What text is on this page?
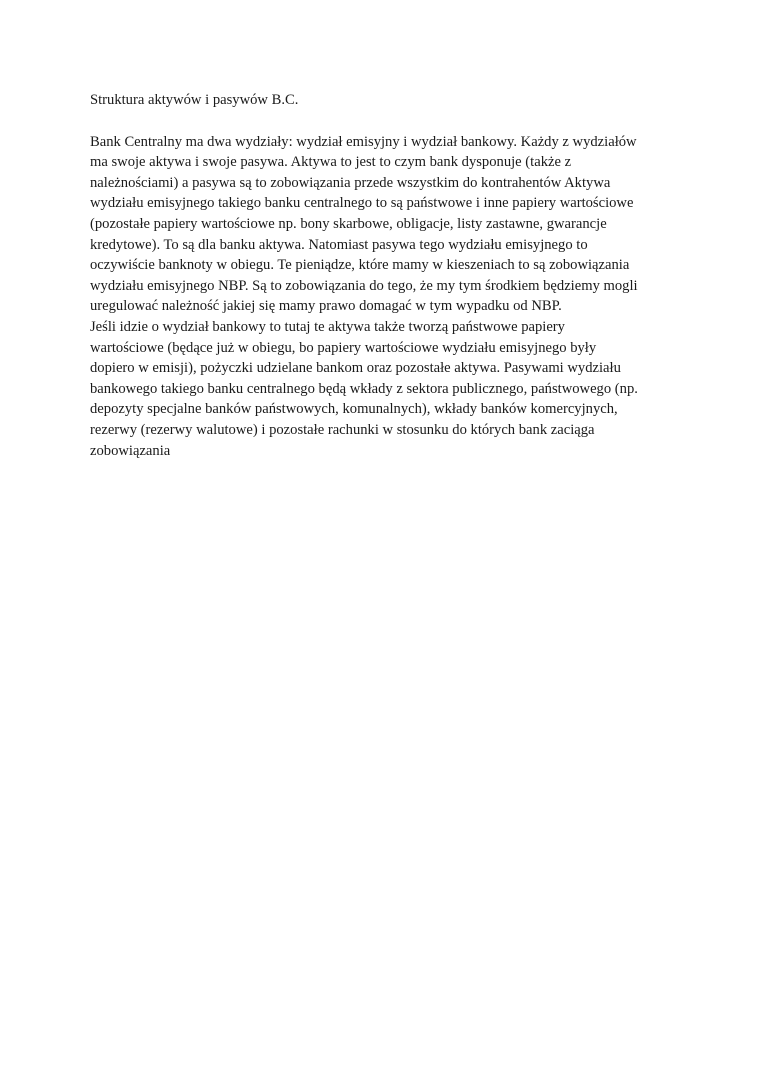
Struktura aktywów i pasywów B.C.

Bank Centralny ma dwa wydziały: wydział emisyjny i wydział bankowy. Każdy z wydziałów

ma swoje aktywa i swoje pasywa. Aktywa to jest to czym bank dysponuje (także z

należnościami) a pasywa są to zobowiązania przede wszystkim do kontrahentów Aktywa

wydziału emisyjnego takiego banku centralnego to są państwowe i inne papiery wartościowe

(pozostałe papiery wartościowe np. bony skarbowe, obligacje, listy zastawne, gwarancje

kredytowe). To są dla banku aktywa. Natomiast pasywa tego wydziału emisyjnego to

oczywiście banknoty w obiegu. Te pieniądze, które mamy w kieszeniach to są zobowiązania

wydziału emisyjnego NBP. Są to zobowiązania do tego, że my tym środkiem będziemy mogli

uregulować należność jakiej się mamy prawo domagać w tym wypadku od NBP.

Jeśli idzie o wydział bankowy to tutaj te aktywa także tworzą państwowe papiery

wartościowe (będące już w obiegu, bo papiery wartościowe wydziału emisyjnego były

dopiero w emisji), pożyczki udzielane bankom oraz pozostałe aktywa. Pasywami wydziału

bankowego takiego banku centralnego będą wkłady z sektora publicznego, państwowego (np.

depozyty specjalne banków państwowych, komunalnych), wkłady banków komercyjnych,

rezerwy (rezerwy walutowe) i pozostałe rachunki w stosunku do których bank zaciąga

zobowiązania
